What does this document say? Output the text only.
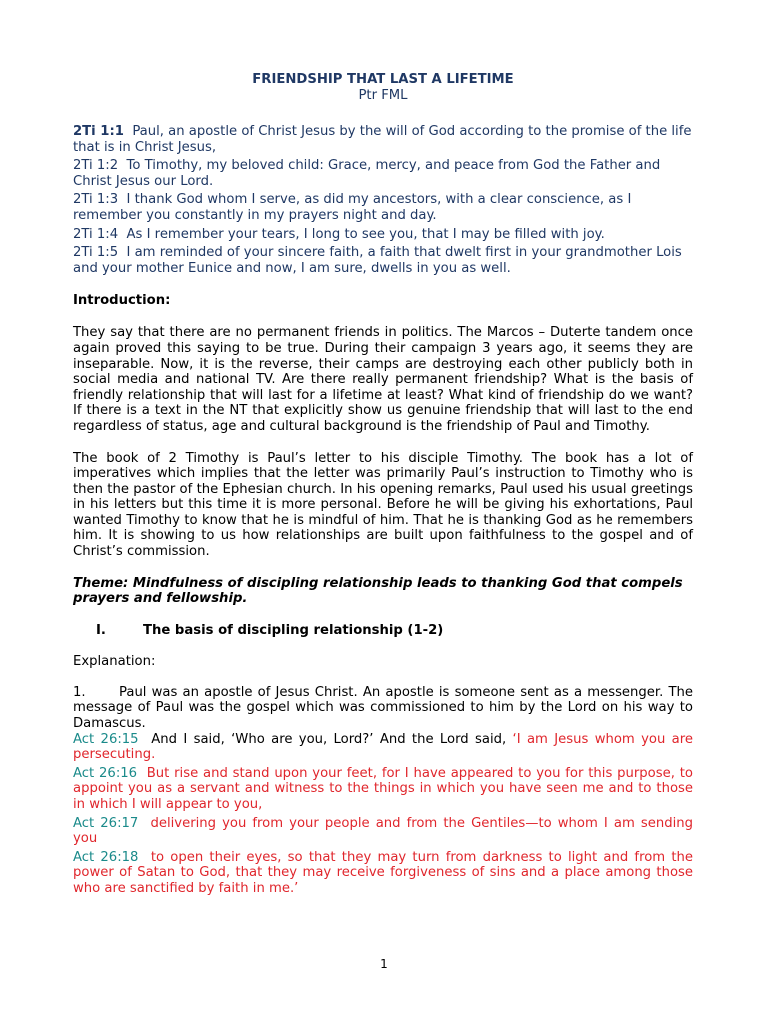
FRIENDSHIP THAT LAST A LIFETIME
Ptr FML

2Ti 1:1 Paul, an apostle of Christ Jesus by the will of God according to the promise of the life that is in Christ Jesus,

2Ti 1:2 To Timothy, my beloved child: Grace, mercy, and peace from God the Father and Christ Jesus our Lord.

2Ti 1:3 I thank God whom I serve, as did my ancestors, with a clear conscience, as I remember you constantly in my prayers night and day.

2Ti 1:4 As I remember your tears, I long to see you, that I may be filled with joy.

2Ti 1:5 I am reminded of your sincere faith, a faith that dwelt first in your grandmother Lois and your mother Eunice and now, I am sure, dwells in you as well.

Introduction:
They say that there are no permanent friends in politics. The Marcos – Duterte tandem once again proved this saying to be true. During their campaign 3 years ago, it seems they are inseparable. Now, it is the reverse, their camps are destroying each other publicly both in social media and national TV. Are there really permanent friendship? What is the basis of friendly relationship that will last for a lifetime at least? What kind of friendship do we want? If there is a text in the NT that explicitly show us genuine friendship that will last to the end regardless of status, age and cultural background is the friendship of Paul and Timothy.
The book of 2 Timothy is Paul’s letter to his disciple Timothy. The book has a lot of imperatives which implies that the letter was primarily Paul’s instruction to Timothy who is then the pastor of the Ephesian church. In his opening remarks, Paul used his usual greetings in his letters but this time it is more personal. Before he will be giving his exhortations, Paul wanted Timothy to know that he is mindful of him. That he is thanking God as he remembers him. It is showing to us how relationships are built upon faithfulness to the gospel and of Christ’s commission.
Theme: Mindfulness of discipling relationship leads to thanking God that compels prayers and fellowship.
I.	The basis of discipling relationship (1-2)
Explanation:
1.	Paul was an apostle of Jesus Christ. An apostle is someone sent as a messenger. The message of Paul was the gospel which was commissioned to him by the Lord on his way to Damascus.
Act 26:15 And I said, ‘Who are you, Lord?’ And the Lord said, ‘I am Jesus whom you are persecuting.
Act 26:16 But rise and stand upon your feet, for I have appeared to you for this purpose, to appoint you as a servant and witness to the things in which you have seen me and to those in which I will appear to you,
Act 26:17 delivering you from your people and from the Gentiles—to whom I am sending you
Act 26:18 to open their eyes, so that they may turn from darkness to light and from the power of Satan to God, that they may receive forgiveness of sins and a place among those who are sanctified by faith in me.’
1
